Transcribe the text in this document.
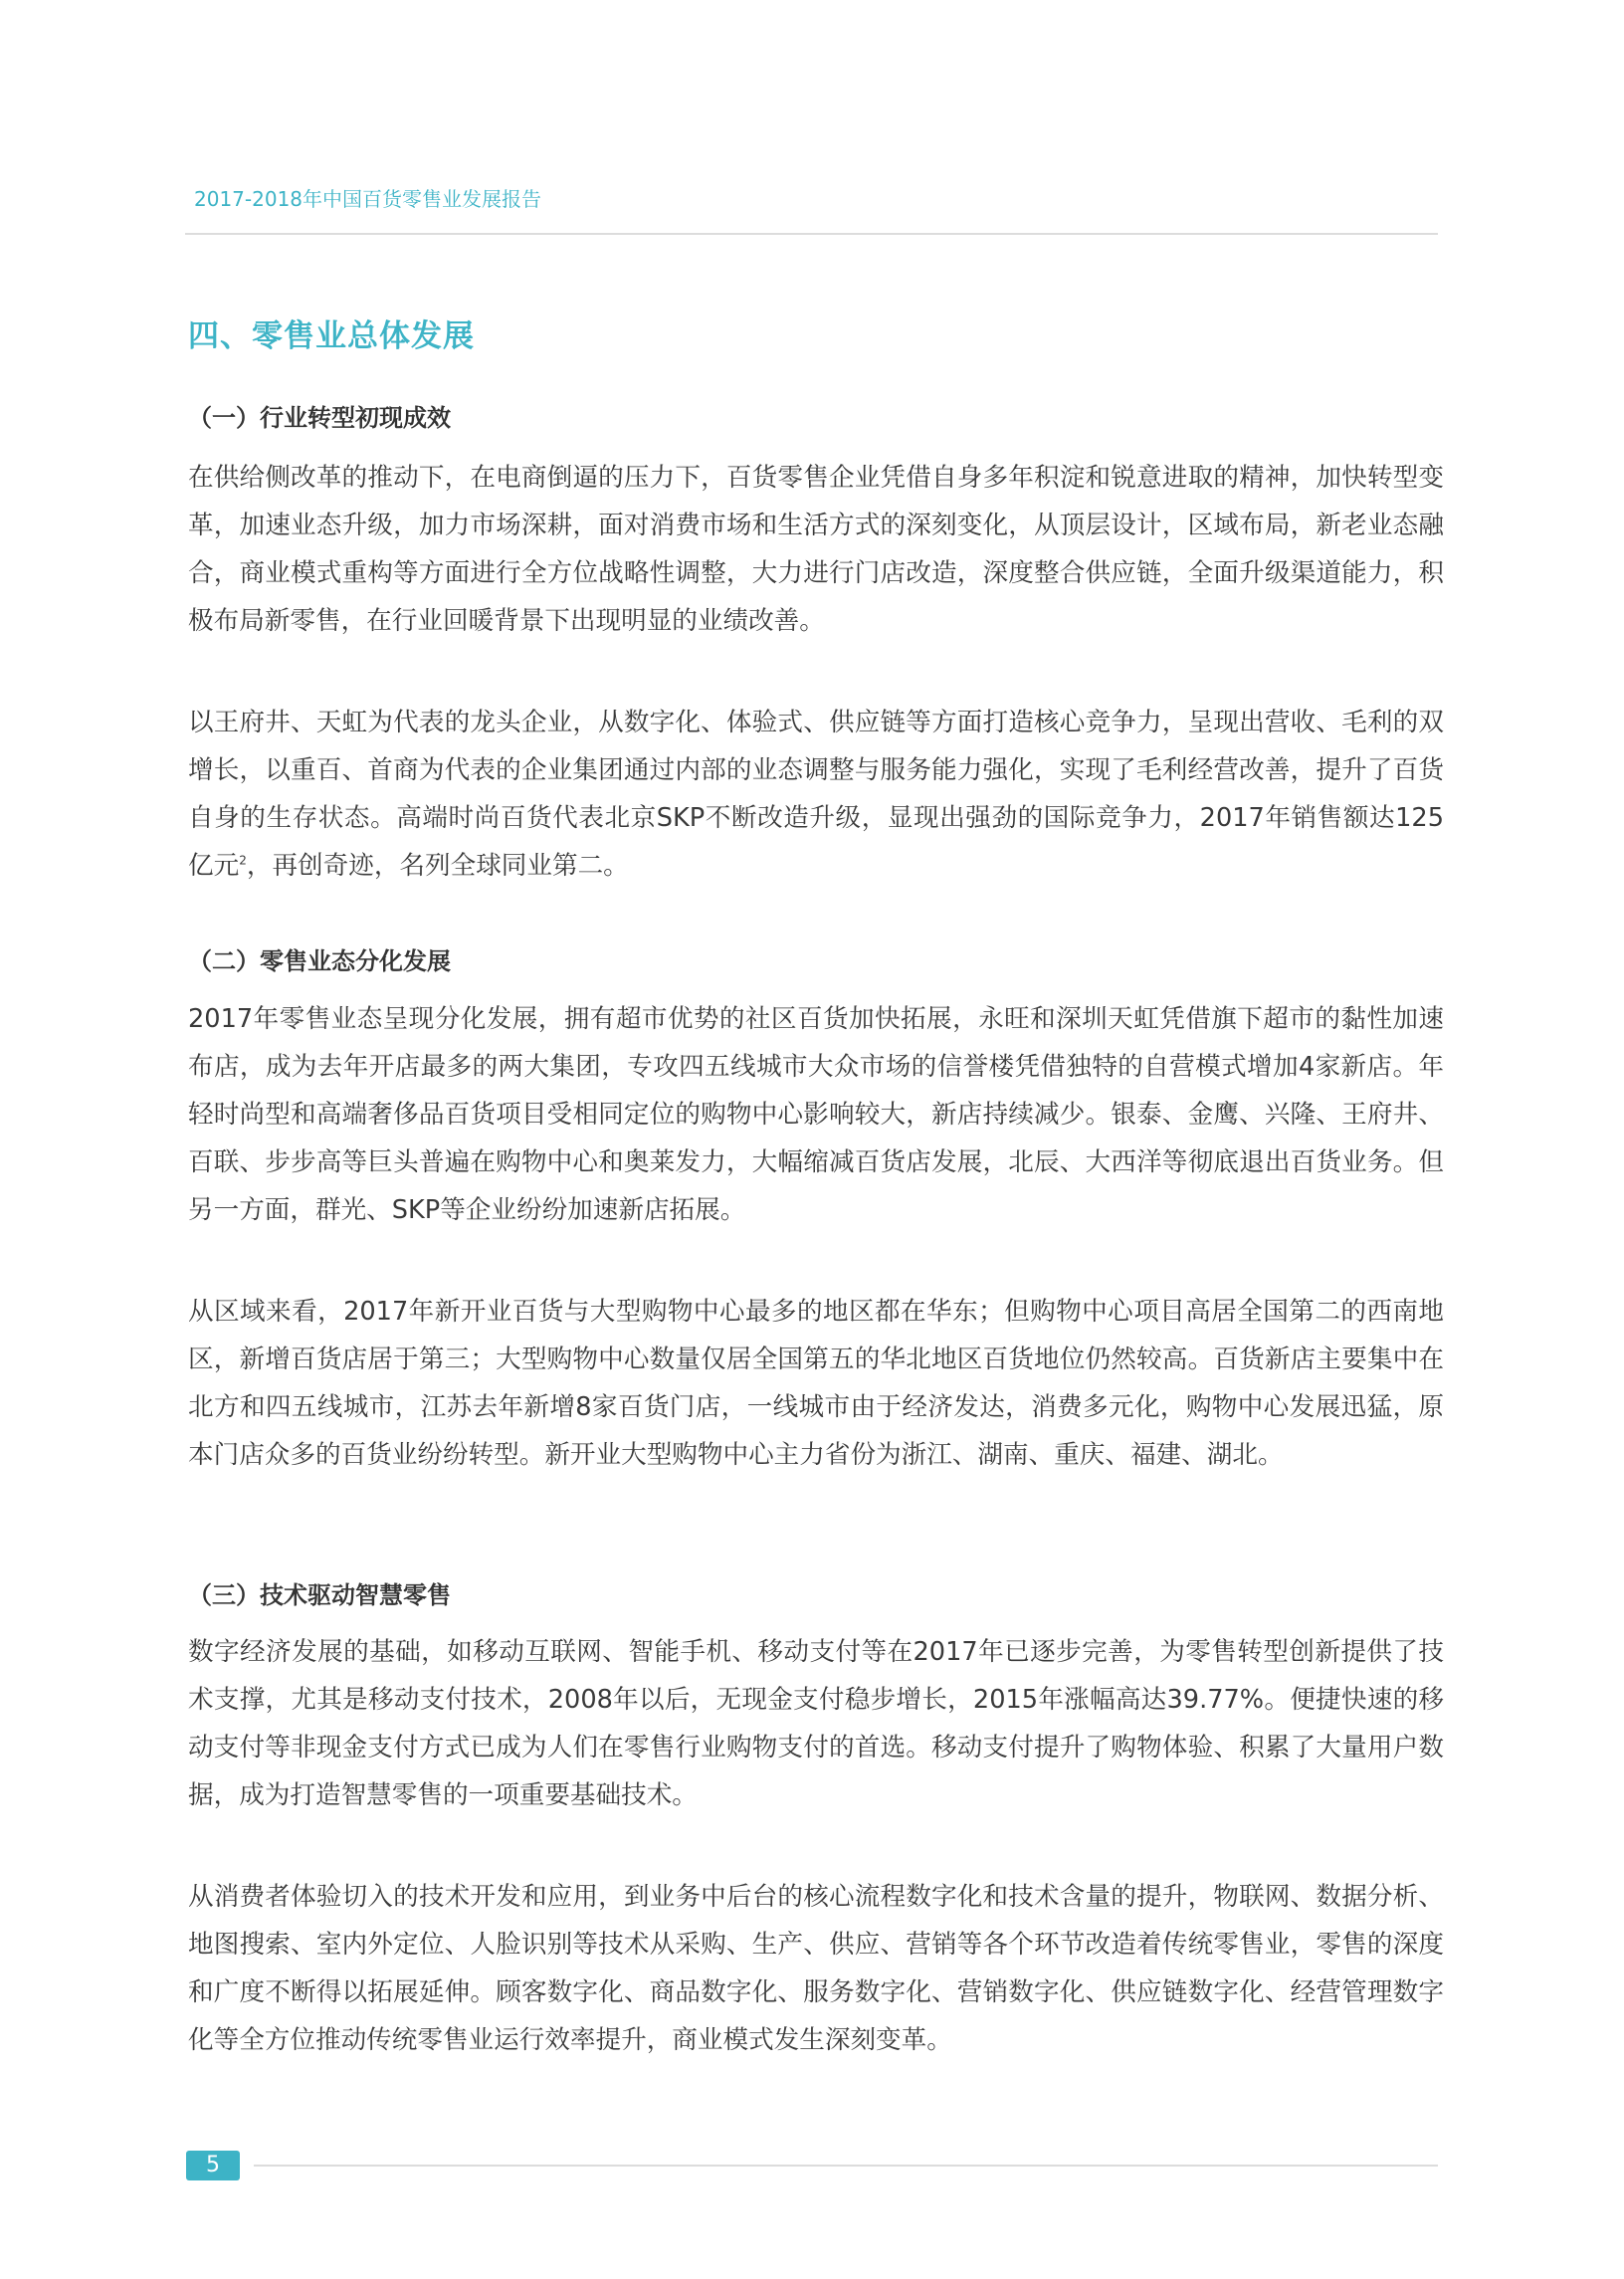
2017-2018年中国百货零售业发展报告
四、零售业总体发展
（一）行业转型初现成效

在供给侧改革的推动下，在电商倒逼的压力下，百货零售企业凭借自身多年积淀和锐意进取的精神，加快转型变革，加速业态升级，加力市场深耕，面对消费市场和生活方式的深刻变化，从顶层设计，区域布局，新老业态融合，商业模式重构等方面进行全方位战略性调整，大力进行门店改造，深度整合供应链，全面升级渠道能力，积极布局新零售，在行业回暖背景下出现明显的业绩改善。

以王府井、天虹为代表的龙头企业，从数字化、体验式、供应链等方面打造核心竞争力，呈现出营收、毛利的双增长，以重百、首商为代表的企业集团通过内部的业态调整与服务能力强化，实现了毛利经营改善，提升了百货自身的生存状态。高端时尚百货代表北京SKP不断改造升级，显现出强劲的国际竞争力，2017年销售额达125亿元$^2$，再创奇迹，名列全球同业第二。

（二）零售业态分化发展

2017年零售业态呈现分化发展，拥有超市优势的社区百货加快拓展，永旺和深圳天虹凭借旗下超市的黏性加速布店，成为去年开店最多的两大集团，专攻四五线城市大众市场的信誉楼凭借独特的自营模式增加4家新店。年轻时尚型和高端奢侈品百货项目受相同定位的购物中心影响较大，新店持续减少。银泰、金鹰、兴隆、王府井、百联、步步高等巨头普遍在购物中心和奥莱发力，大幅缩减百货店发展，北辰、大西洋等彻底退出百货业务。但另一方面，群光、SKP等企业纷纷加速新店拓展。

从区域来看，2017年新开业百货与大型购物中心最多的地区都在华东；但购物中心项目高居全国第二的西南地区，新增百货店居于第三；大型购物中心数量仅居全国第五的华北地区百货地位仍然较高。百货新店主要集中在北方和四五线城市，江苏去年新增8家百货门店，一线城市由于经济发达，消费多元化，购物中心发展迅猛，原本门店众多的百货业纷纷转型。新开业大型购物中心主力省份为浙江、湖南、重庆、福建、湖北。

（三）技术驱动智慧零售

数字经济发展的基础，如移动互联网、智能手机、移动支付等在2017年已逐步完善，为零售转型创新提供了技术支撑，尤其是移动支付技术，2008年以后，无现金支付稳步增长，2015年涨幅高达39.77%。便捷快速的移动支付等非现金支付方式已成为人们在零售行业购物支付的首选。移动支付提升了购物体验、积累了大量用户数据，成为打造智慧零售的一项重要基础技术。

从消费者体验切入的技术开发和应用，到业务中后台的核心流程数字化和技术含量的提升，物联网、数据分析、地图搜索、室内外定位、人脸识别等技术从采购、生产、供应、营销等各个环节改造着传统零售业，零售的深度和广度不断得以拓展延伸。顾客数字化、商品数字化、服务数字化、营销数字化、供应链数字化、经营管理数字化等全方位推动传统零售业运行效率提升，商业模式发生深刻变革。

5
